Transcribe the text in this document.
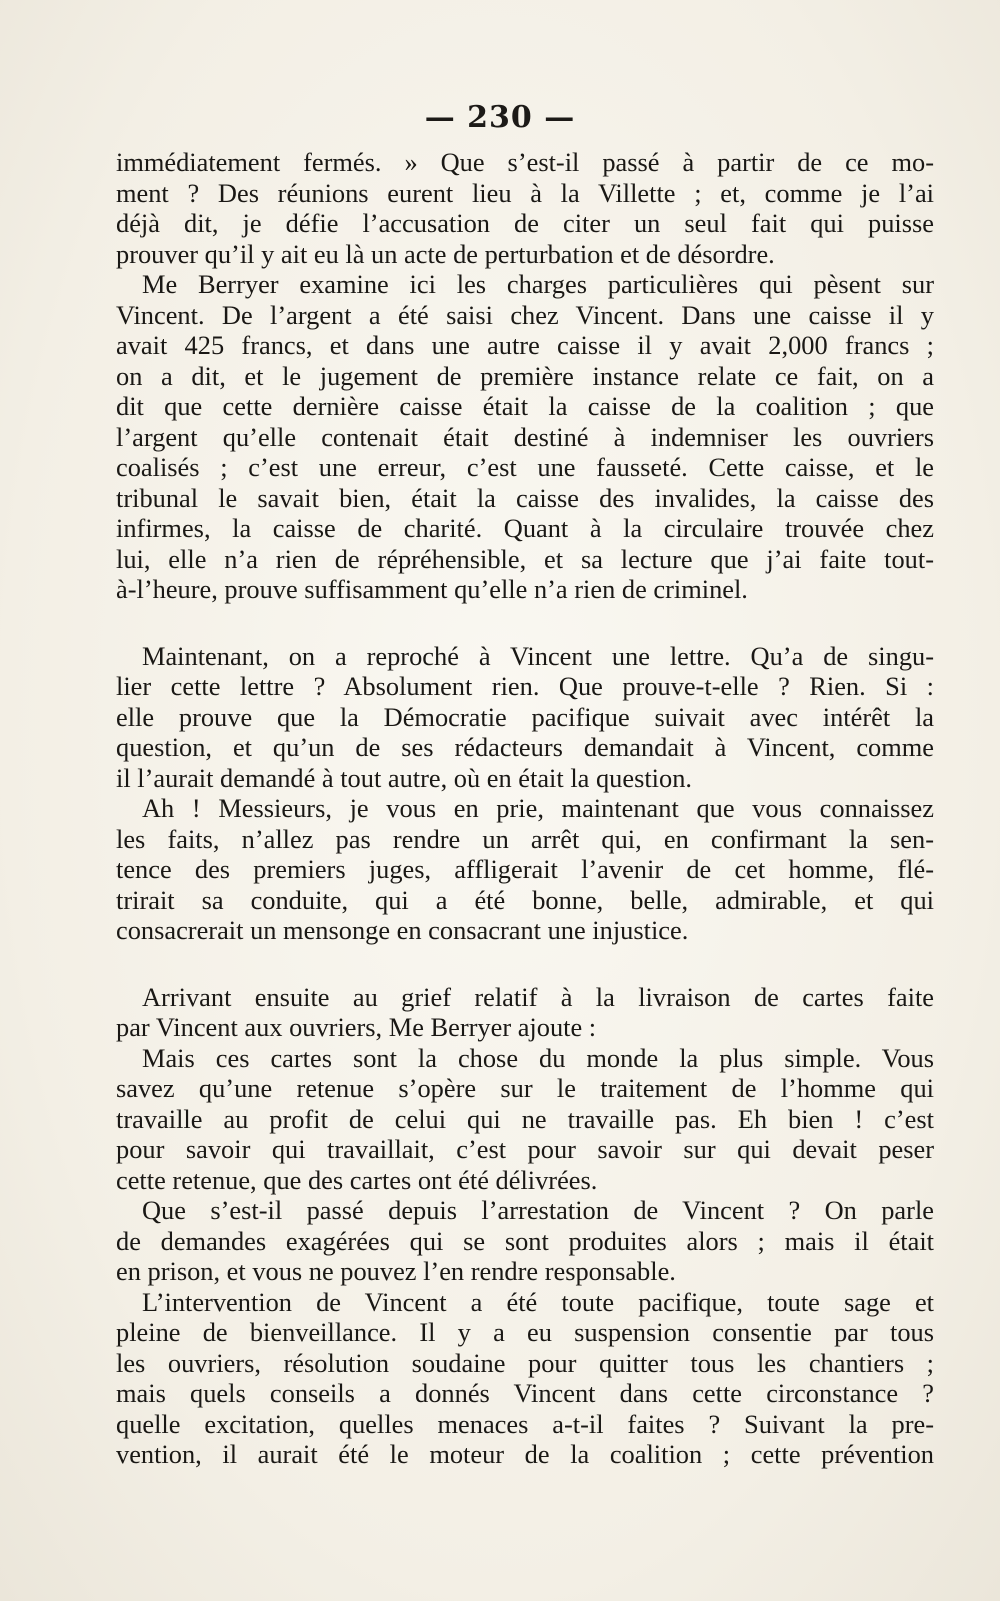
— 230 —
immédiatement fermés. » Que s’est-il passé à partir de ce mo-
ment ? Des réunions eurent lieu à la Villette ; et, comme je l’ai
déjà dit, je défie l’accusation de citer un seul fait qui puisse
prouver qu’il y ait eu là un acte de perturbation et de désordre.
Me Berryer examine ici les charges particulières qui pèsent sur
Vincent. De l’argent a été saisi chez Vincent. Dans une caisse il y
avait 425 francs, et dans une autre caisse il y avait 2,000 francs ;
on a dit, et le jugement de première instance relate ce fait, on a
dit que cette dernière caisse était la caisse de la coalition ; que
l’argent qu’elle contenait était destiné à indemniser les ouvriers
coalisés ; c’est une erreur, c’est une fausseté. Cette caisse, et le
tribunal le savait bien, était la caisse des invalides, la caisse des
infirmes, la caisse de charité. Quant à la circulaire trouvée chez
lui, elle n’a rien de répréhensible, et sa lecture que j’ai faite tout-
à-l’heure, prouve suffisamment qu’elle n’a rien de criminel.
Maintenant, on a reproché à Vincent une lettre. Qu’a de singu-
lier cette lettre ? Absolument rien. Que prouve-t-elle ? Rien. Si :
elle prouve que la Démocratie pacifique suivait avec intérêt la
question, et qu’un de ses rédacteurs demandait à Vincent, comme
il l’aurait demandé à tout autre, où en était la question.
Ah ! Messieurs, je vous en prie, maintenant que vous connaissez
les faits, n’allez pas rendre un arrêt qui, en confirmant la sen-
tence des premiers juges, affligerait l’avenir de cet homme, flé-
trirait sa conduite, qui a été bonne, belle, admirable, et qui
consacrerait un mensonge en consacrant une injustice.
Arrivant ensuite au grief relatif à la livraison de cartes faite
par Vincent aux ouvriers, Me Berryer ajoute :
Mais ces cartes sont la chose du monde la plus simple. Vous
savez qu’une retenue s’opère sur le traitement de l’homme qui
travaille au profit de celui qui ne travaille pas. Eh bien ! c’est
pour savoir qui travaillait, c’est pour savoir sur qui devait peser
cette retenue, que des cartes ont été délivrées.
Que s’est-il passé depuis l’arrestation de Vincent ? On parle
de demandes exagérées qui se sont produites alors ; mais il était
en prison, et vous ne pouvez l’en rendre responsable.
L’intervention de Vincent a été toute pacifique, toute sage et
pleine de bienveillance. Il y a eu suspension consentie par tous
les ouvriers, résolution soudaine pour quitter tous les chantiers ;
mais quels conseils a donnés Vincent dans cette circonstance ?
quelle excitation, quelles menaces a-t-il faites ? Suivant la pre-
vention, il aurait été le moteur de la coalition ; cette prévention
